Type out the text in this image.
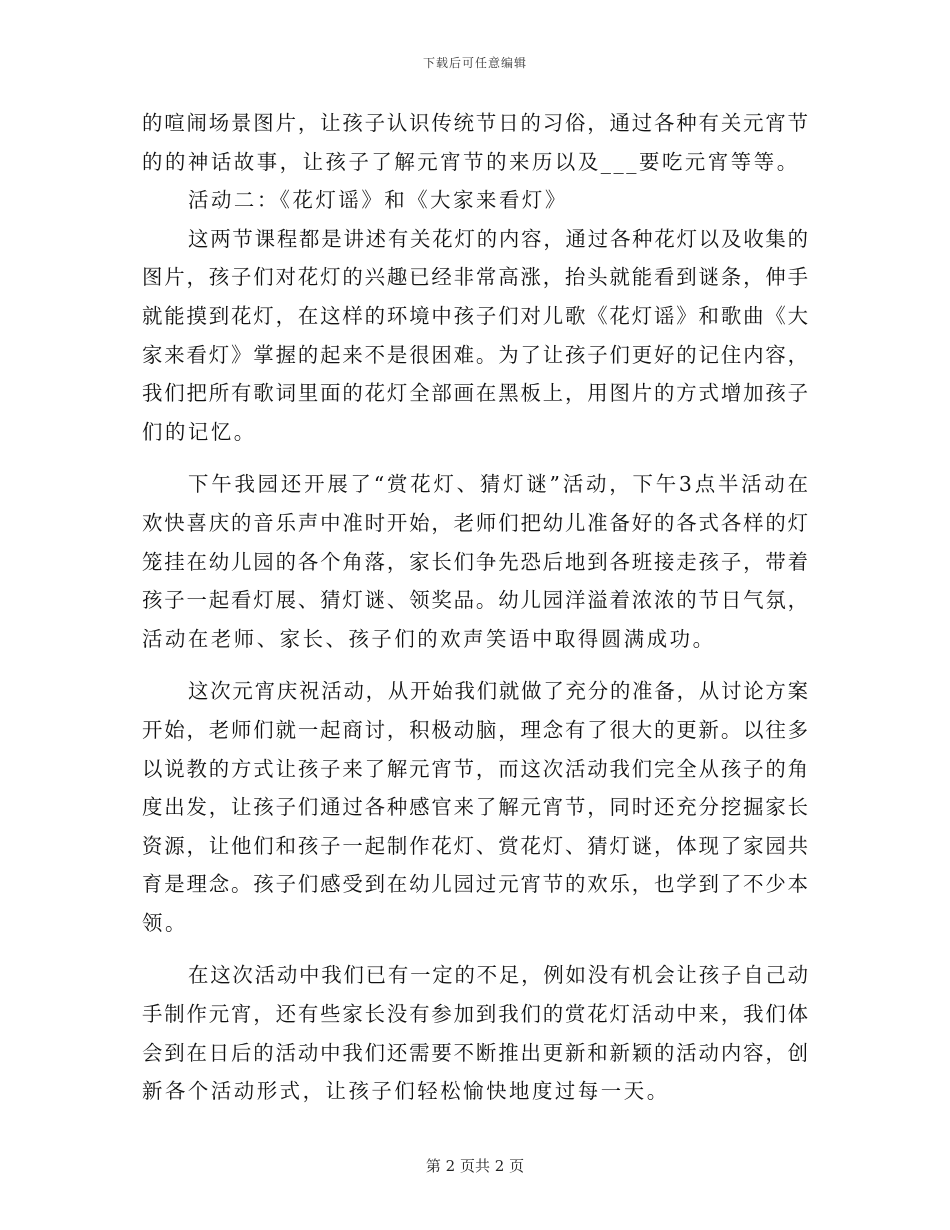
下载后可任意编辑
的喧闹场景图片，让孩子认识传统节日的习俗，通过各种有关元宵节
的的神话故事，让孩子了解元宵节的来历以及___要吃元宵等等。
活动二：《花灯谣》和《大家来看灯》
这两节课程都是讲述有关花灯的内容，通过各种花灯以及收集的
图片，孩子们对花灯的兴趣已经非常高涨，抬头就能看到谜条，伸手
就能摸到花灯，在这样的环境中孩子们对儿歌《花灯谣》和歌曲《大
家来看灯》掌握的起来不是很困难。为了让孩子们更好的记住内容，
我们把所有歌词里面的花灯全部画在黑板上，用图片的方式增加孩子
们的记忆。
下午我园还开展了“赏花灯、猜灯谜”活动，下午3点半活动在
欢快喜庆的音乐声中准时开始，老师们把幼儿准备好的各式各样的灯
笼挂在幼儿园的各个角落，家长们争先恐后地到各班接走孩子，带着
孩子一起看灯展、猜灯谜、领奖品。幼儿园洋溢着浓浓的节日气氛，
活动在老师、家长、孩子们的欢声笑语中取得圆满成功。
这次元宵庆祝活动，从开始我们就做了充分的准备，从讨论方案
开始，老师们就一起商讨，积极动脑，理念有了很大的更新。以往多
以说教的方式让孩子来了解元宵节，而这次活动我们完全从孩子的角
度出发，让孩子们通过各种感官来了解元宵节，同时还充分挖掘家长
资源，让他们和孩子一起制作花灯、赏花灯、猜灯谜，体现了家园共
育是理念。孩子们感受到在幼儿园过元宵节的欢乐，也学到了不少本
领。
在这次活动中我们已有一定的不足，例如没有机会让孩子自己动
手制作元宵，还有些家长没有参加到我们的赏花灯活动中来，我们体
会到在日后的活动中我们还需要不断推出更新和新颖的活动内容，创
新各个活动形式，让孩子们轻松愉快地度过每一天。
第 2 页共 2 页
